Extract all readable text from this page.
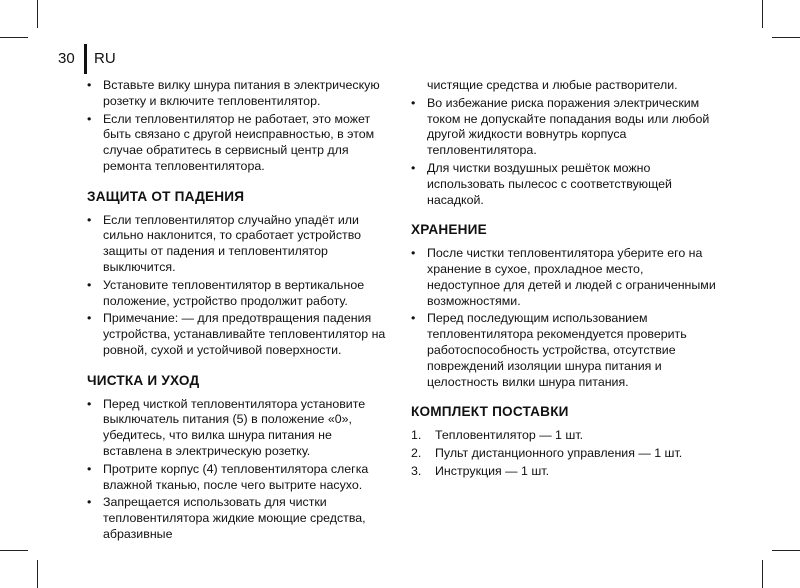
30 RU
• Вставьте вилку шнура питания в электрическую розетку и включите тепловентилятор.
• Если тепловентилятор не работает, это может быть связано с другой неисправностью, в этом случае обратитесь в сервисный центр для ремонта тепловентилятора.
ЗАЩИТА ОТ ПАДЕНИЯ
• Если тепловентилятор случайно упадёт или сильно наклонится, то сработает устройство защиты от падения и тепловентилятор выключится.
• Установите тепловентилятор в вертикальное положение, устройство продолжит работу.
• Примечание: — для предотвращения падения устройства, устанавливайте тепловентилятор на ровной, сухой и устойчивой поверхности.
ЧИСТКА И УХОД
• Перед чисткой тепловентилятора установите выключатель питания (5) в положение «0», убедитесь, что вилка шнура питания не вставлена в электрическую розетку.
• Протрите корпус (4) тепловентилятора слегка влажной тканью, после чего вытрите насухо.
• Запрещается использовать для чистки тепловентилятора жидкие моющие средства, абразивные
чистящие средства и любые растворители.
• Во избежание риска поражения электрическим током не допускайте попадания воды или любой другой жидкости вовнутрь корпуса тепловентилятора.
• Для чистки воздушных решёток можно использовать пылесос с соответствующей насадкой.
ХРАНЕНИЕ
• После чистки тепловентилятора уберите его на хранение в сухое, прохладное место, недоступное для детей и людей с ограниченными возможностями.
• Перед последующим использованием тепловентилятора рекомендуется проверить работоспособность устройства, отсутствие повреждений изоляции шнура питания и целостность вилки шнура питания.
КОМПЛЕКТ ПОСТАВКИ
1. Тепловентилятор — 1 шт.
2. Пульт дистанционного управления — 1 шт.
3. Инструкция — 1 шт.
